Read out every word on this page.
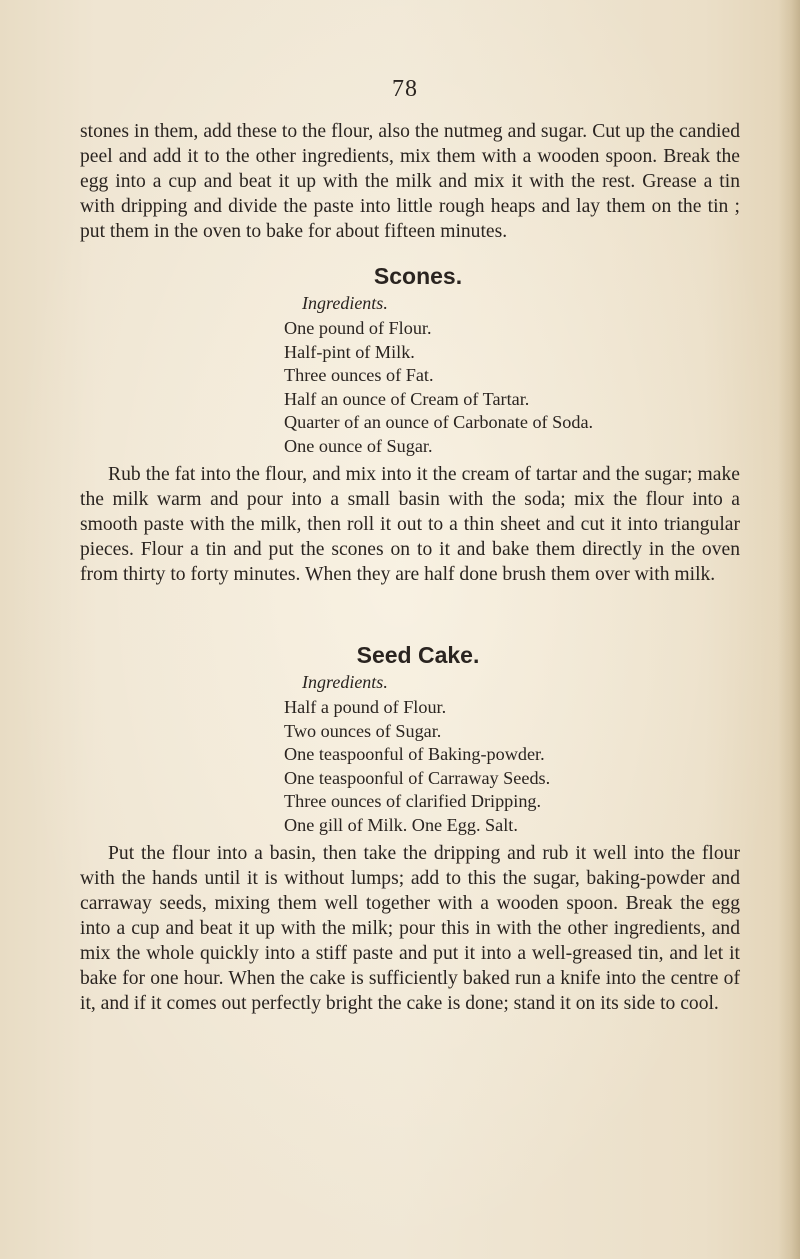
78

stones in them, add these to the flour, also the nutmeg and sugar. Cut up the candied peel and add it to the other ingredients, mix them with a wooden spoon. Break the egg into a cup and beat it up with the milk and mix it with the rest. Grease a tin with dripping and divide the paste into little rough heaps and lay them on the tin ; put them in the oven to bake for about fifteen minutes.

Scones.
Ingredients.
One pound of Flour.
Half-pint of Milk.
Three ounces of Fat.
Half an ounce of Cream of Tartar.
Quarter of an ounce of Carbonate of Soda.
One ounce of Sugar.

Rub the fat into the flour, and mix into it the cream of tartar and the sugar; make the milk warm and pour into a small basin with the soda; mix the flour into a smooth paste with the milk, then roll it out to a thin sheet and cut it into triangular pieces. Flour a tin and put the scones on to it and bake them directly in the oven from thirty to forty minutes. When they are half done brush them over with milk.

Seed Cake.
Ingredients.
Half a pound of Flour.
Two ounces of Sugar.
One teaspoonful of Baking-powder.
One teaspoonful of Carraway Seeds.
Three ounces of clarified Dripping.
One gill of Milk. One Egg. Salt.

Put the flour into a basin, then take the dripping and rub it well into the flour with the hands until it is without lumps; add to this the sugar, baking-powder and carraway seeds, mixing them well together with a wooden spoon. Break the egg into a cup and beat it up with the milk; pour this in with the other ingredients, and mix the whole quickly into a stiff paste and put it into a well-greased tin, and let it bake for one hour. When the cake is sufficiently baked run a knife into the centre of it, and if it comes out perfectly bright the cake is done; stand it on its side to cool.
